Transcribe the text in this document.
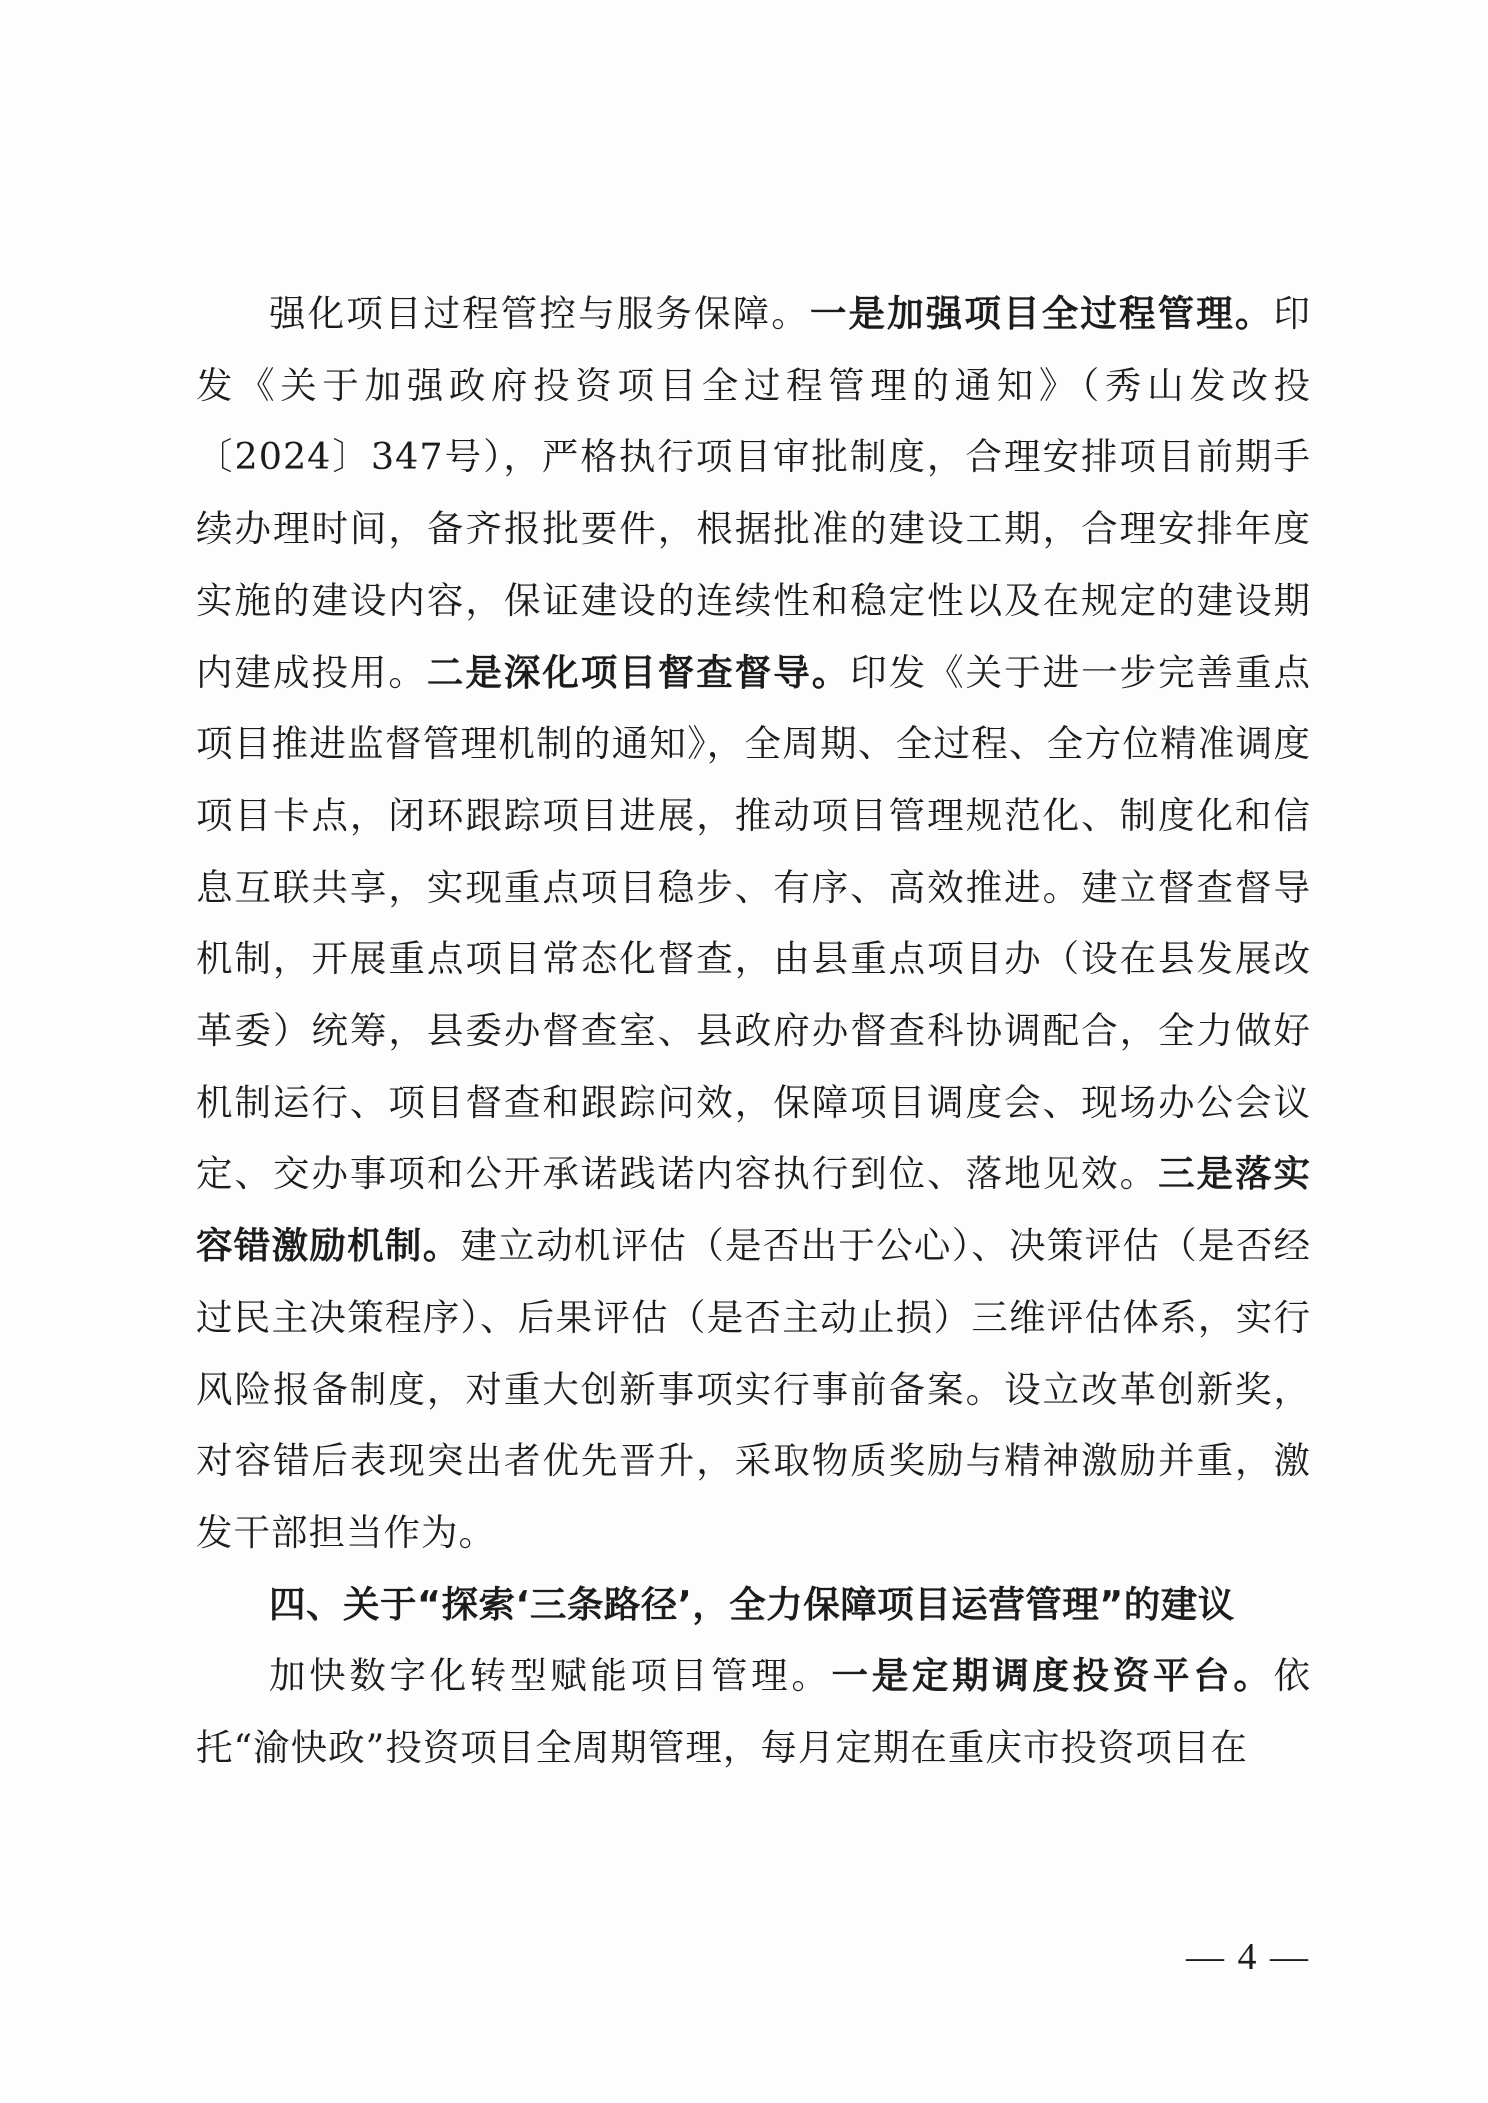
强化项目过程管控与服务保障。一是加强项目全过程管理。印发《关于加强政府投资项目全过程管理的通知》（秀山发改投〔2024〕347号），严格执行项目审批制度，合理安排项目前期手续办理时间，备齐报批要件，根据批准的建设工期，合理安排年度实施的建设内容，保证建设的连续性和稳定性以及在规定的建设期内建成投用。二是深化项目督查督导。印发《关于进一步完善重点项目推进监督管理机制的通知》，全周期、全过程、全方位精准调度项目卡点，闭环跟踪项目进展，推动项目管理规范化、制度化和信息互联共享，实现重点项目稳步、有序、高效推进。建立督查督导机制，开展重点项目常态化督查，由县重点项目办（设在县发展改革委）统筹，县委办督查室、县政府办督查科协调配合，全力做好机制运行、项目督查和跟踪问效，保障项目调度会、现场办公会议定、交办事项和公开承诺践诺内容执行到位、落地见效。三是落实容错激励机制。建立动机评估（是否出于公心）、决策评估（是否经过民主决策程序）、后果评估（是否主动止损）三维评估体系，实行风险报备制度，对重大创新事项实行事前备案。设立改革创新奖，对容错后表现突出者优先晋升，采取物质奖励与精神激励并重，激发干部担当作为。

四、关于“探索‘三条路径’，全力保障项目运营管理”的建议

加快数字化转型赋能项目管理。一是定期调度投资平台。依托“渝快政”投资项目全周期管理，每月定期在重庆市投资项目在

— 4 —
